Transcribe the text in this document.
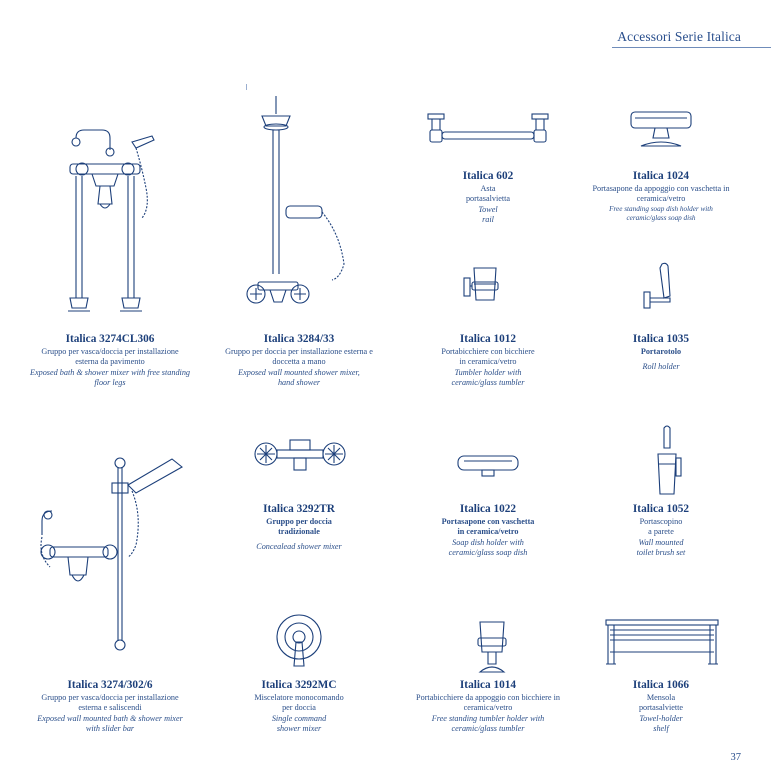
Accessori Serie Italica
Italica 3274CL306
Gruppo per vasca/doccia per installazione
esterna da pavimento
Exposed bath & shower mixer with free standing
floor legs
Italica 3284/33
Gruppo per doccia per installazione esterna e
doccetta a mano
Exposed wall mounted shower mixer,
hand shower
Italica 602
Asta
portasalvietta
Towel
rail
Italica 1024
Portasapone da appoggio con vaschetta in
ceramica/vetro
Free standing soap dish holder with
ceramic/glass soap dish
Italica 1012
Portabicchiere con bicchiere
in ceramica/vetro
Tumbler holder with
ceramic/glass tumbler
Italica 1035
Portarotolo
Roll holder
Italica 3292TR
Gruppo per doccia
tradizionale
Concealead shower mixer
Italica 1022
Portasapone con vaschetta
in ceramica/vetro
Soap dish holder with
ceramic/glass soap dish
Italica 1052
Portascopino
a parete
Wall mounted
toilet brush set
Italica 3274/302/6
Gruppo per vasca/doccia per installazione
esterna e saliscendi
Exposed wall mounted bath & shower mixer
with slider bar
Italica 3292MC
Miscelatore monocomando
per doccia
Single command
shower mixer
Italica 1014
Portabicchiere da appoggio con bicchiere in
ceramica/vetro
Free standing tumbler holder with
ceramic/glass tumbler
Italica 1066
Mensola
portasalviette
Towel-holder
shelf
37
